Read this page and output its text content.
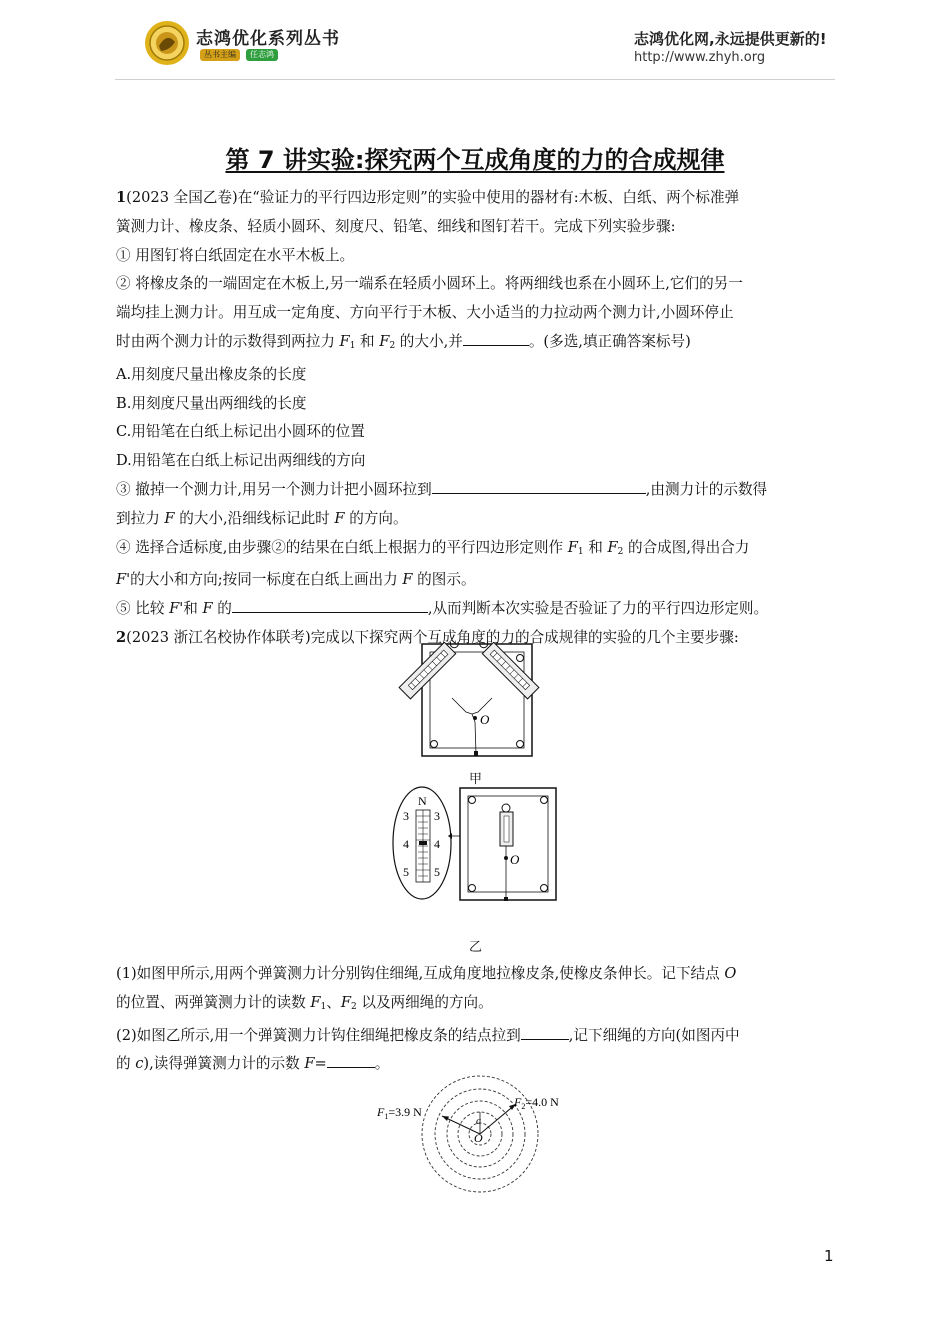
志鸿优化系列丛书
丛书主编	任志鸿
志鸿优化网,永远提供更新的!
http://www.zhyh.org
第 7 讲实验:探究两个互成角度的力的合成规律

1(2023 全国乙卷)在“验证力的平行四边形定则”的实验中使用的器材有:木板、白纸、两个标准弹

簧测力计、橡皮条、轻质小圆环、刻度尺、铅笔、细线和图钉若干。完成下列实验步骤:

① 用图钉将白纸固定在水平木板上。

② 将橡皮条的一端固定在木板上,另一端系在轻质小圆环上。将两细线也系在小圆环上,它们的另一

端均挂上测力计。用互成一定角度、方向平行于木板、大小适当的力拉动两个测力计,小圆环停止

时由两个测力计的示数得到两拉力 $F_1$ 和 $F_2$ 的大小,并	。(多选,填正确答案标号)

A.用刻度尺量出橡皮条的长度

B.用刻度尺量出两细线的长度

C.用铅笔在白纸上标记出小圆环的位置

D.用铅笔在白纸上标记出两细线的方向

③ 撤掉一个测力计,用另一个测力计把小圆环拉到	,由测力计的示数得

到拉力 F 的大小,沿细线标记此时 F 的方向。

④ 选择合适标度,由步骤②的结果在白纸上根据力的平行四边形定则作 $F_1$ 和 $F_2$ 的合成图,得出合力

F'的大小和方向;按同一标度在白纸上画出力 F 的图示。

⑤ 比较 F'和 F 的	,从而判断本次实验是否验证了力的平行四边形定则。

2(2023 浙江名校协作体联考)完成以下探究两个互成角度的力的合成规律的实验的几个主要步骤:

O
甲
N
3
4
5
3
4
5
O
乙

(1)如图甲所示,用两个弹簧测力计分别钩住细绳,互成角度地拉橡皮条,使橡皮条伸长。记下结点 O

的位置、两弹簧测力计的读数 $F_1$、$F_2$ 以及两细绳的方向。

(2)如图乙所示,用一个弹簧测力计钩住细绳把橡皮条的结点拉到	,记下细绳的方向(如图丙中

的 c),读得弹簧测力计的示数 F=	。

$F_1=3.9$ N
$F_2=4.0$ N
c
O
1
